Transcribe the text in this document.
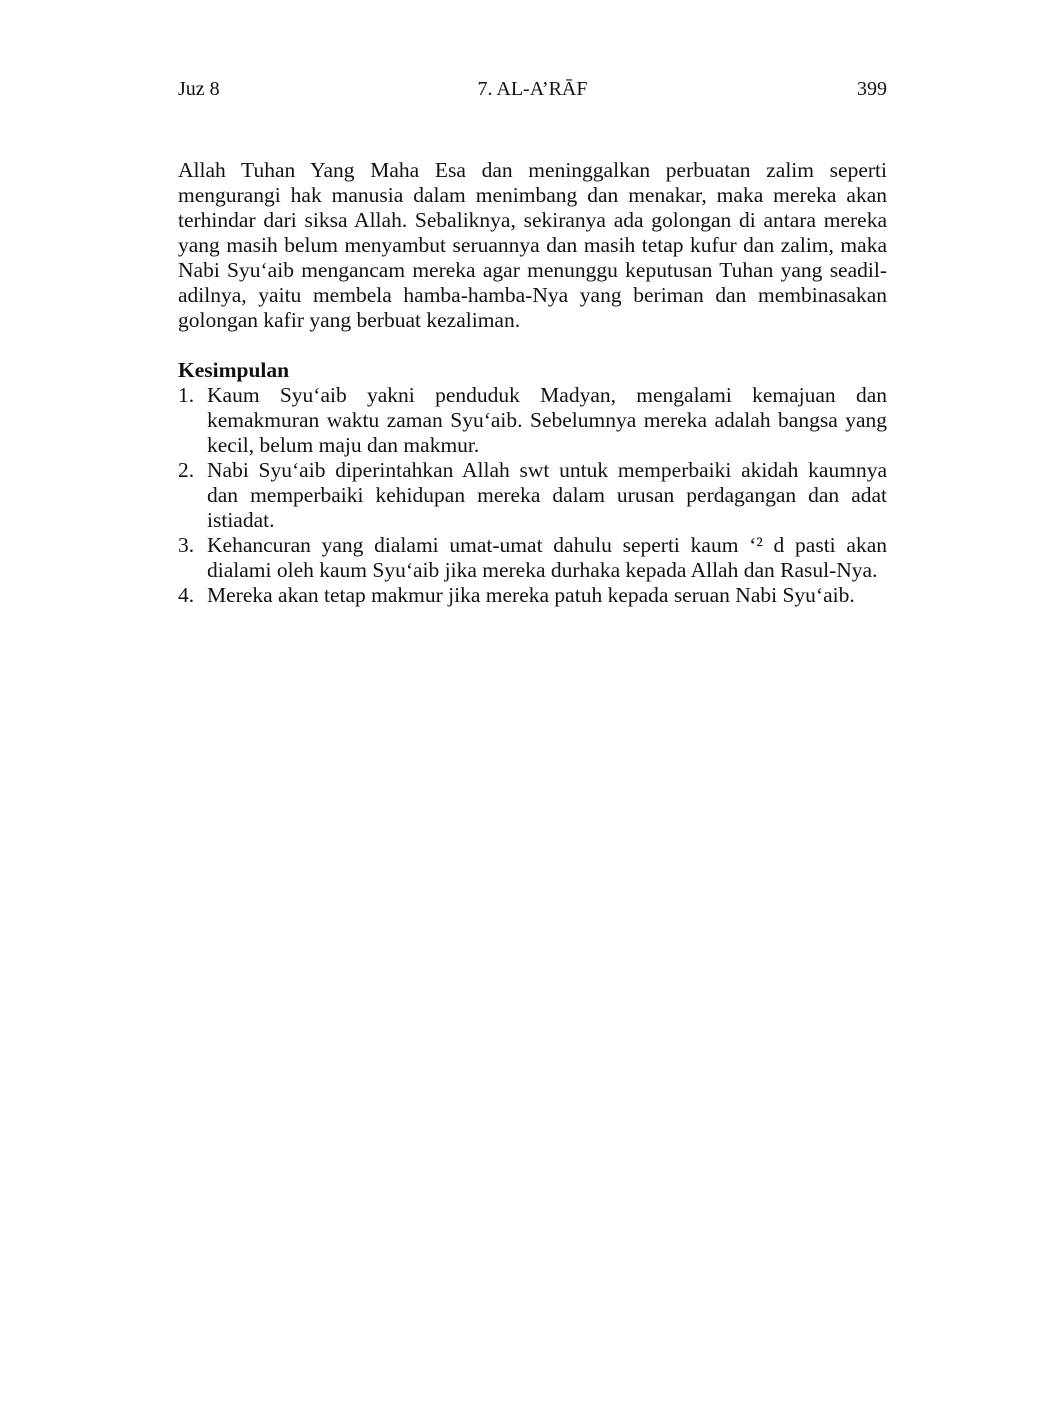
Juz 8	7. AL-A’RĀF	399

Allah Tuhan Yang Maha Esa dan meninggalkan perbuatan zalim seperti mengurangi hak manusia dalam menimbang dan menakar, maka mereka akan terhindar dari siksa Allah. Sebaliknya, sekiranya ada golongan di antara mereka yang masih belum menyambut seruannya dan masih tetap kufur dan zalim, maka Nabi Syu‘aib mengancam mereka agar menunggu keputusan Tuhan yang seadil-adilnya, yaitu membela hamba-hamba-Nya yang beriman dan membinasakan golongan kafir yang berbuat kezaliman.

Kesimpulan
1. Kaum Syu‘aib yakni penduduk Madyan, mengalami kemajuan dan kemakmuran waktu zaman Syu‘aib. Sebelumnya mereka adalah bangsa yang kecil, belum maju dan makmur.
2. Nabi Syu‘aib diperintahkan Allah swt untuk memperbaiki akidah kaumnya dan memperbaiki kehidupan mereka dalam urusan perdagangan dan adat istiadat.
3. Kehancuran yang dialami umat-umat dahulu seperti kaum ‘² d pasti akan dialami oleh kaum Syu‘aib jika mereka durhaka kepada Allah dan Rasul-Nya.
4. Mereka akan tetap makmur jika mereka patuh kepada seruan Nabi Syu‘aib.
